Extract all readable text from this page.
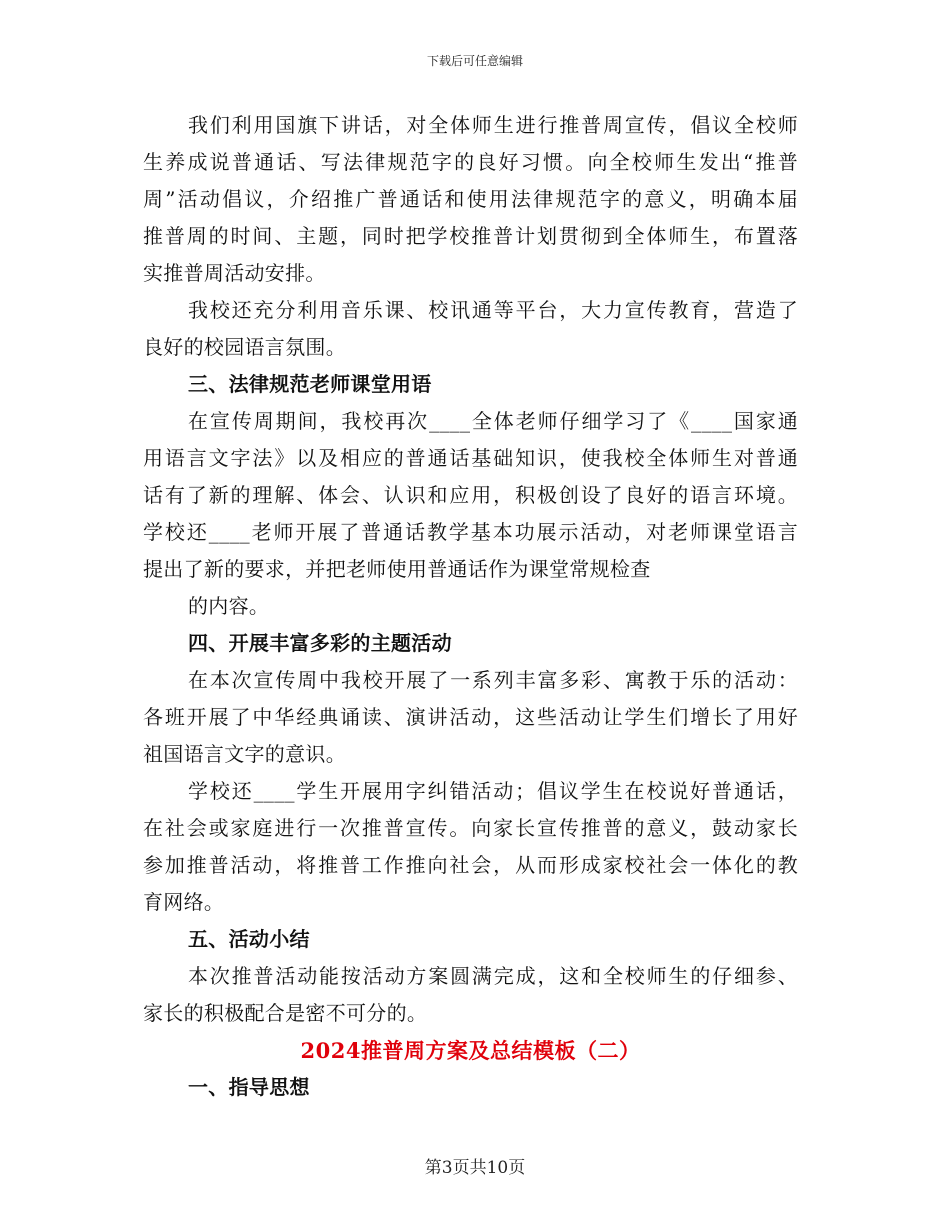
下载后可任意编辑
我们利用国旗下讲话，对全体师生进行推普周宣传，倡议全校师
生养成说普通话、写法律规范字的良好习惯。向全校师生发出“推普
周”活动倡议，介绍推广普通话和使用法律规范字的意义，明确本届
推普周的时间、主题，同时把学校推普计划贯彻到全体师生，布置落
实推普周活动安排。
我校还充分利用音乐课、校讯通等平台，大力宣传教育，营造了
良好的校园语言氛围。
三、法律规范老师课堂用语
在宣传周期间，我校再次____全体老师仔细学习了《____国家通
用语言文字法》以及相应的普通话基础知识，使我校全体师生对普通
话有了新的理解、体会、认识和应用，积极创设了良好的语言环境。
学校还____老师开展了普通话教学基本功展示活动，对老师课堂语言
提出了新的要求，并把老师使用普通话作为课堂常规检查
的内容。
四、开展丰富多彩的主题活动
在本次宣传周中我校开展了一系列丰富多彩、寓教于乐的活动：
各班开展了中华经典诵读、演讲活动，这些活动让学生们增长了用好
祖国语言文字的意识。
学校还____学生开展用字纠错活动；倡议学生在校说好普通话，
在社会或家庭进行一次推普宣传。向家长宣传推普的意义，鼓动家长
参加推普活动，将推普工作推向社会，从而形成家校社会一体化的教
育网络。
五、活动小结
本次推普活动能按活动方案圆满完成，这和全校师生的仔细参、
家长的积极配合是密不可分的。
2024推普周方案及总结模板（二）
一、指导思想
第3页共10页
